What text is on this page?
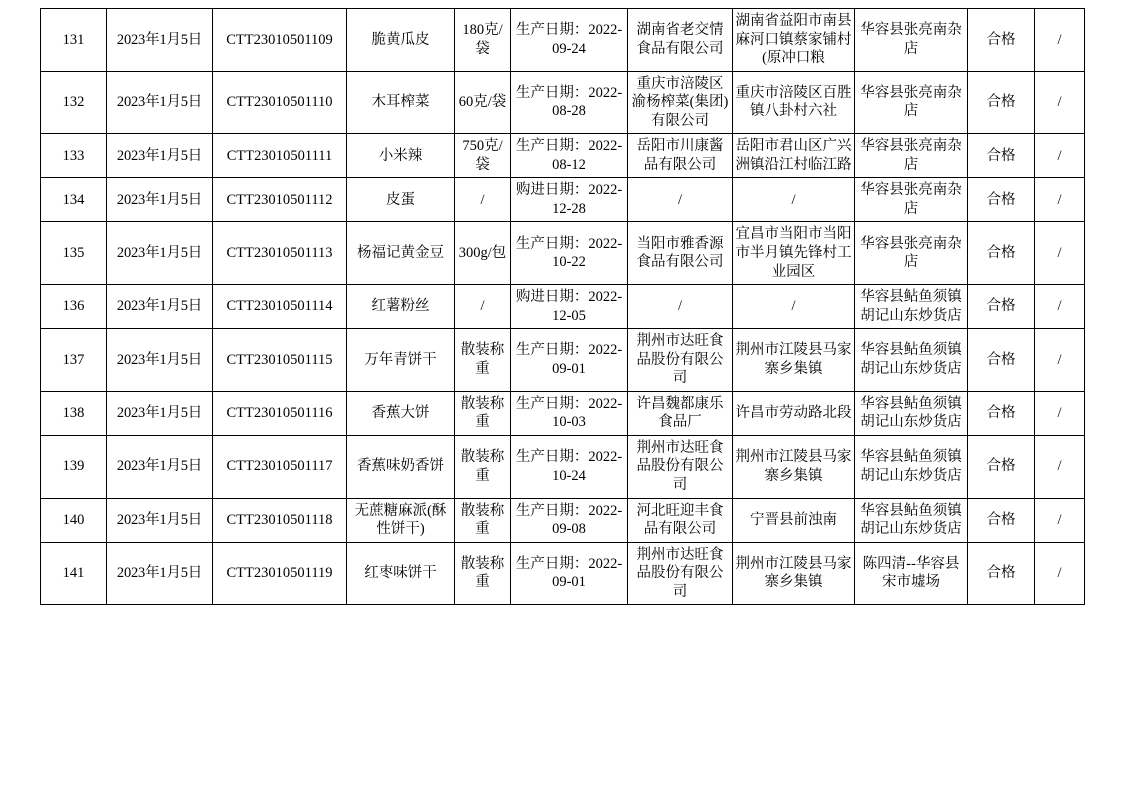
131	2023年1月5日	CTT23010501109	脆黄瓜皮	180克/袋	生产日期：2022-09-24	湖南省老交情食品有限公司	湖南省益阳市南县麻河口镇蔡家铺村(原冲口粮	华容县张亮南杂店	合格	/
132	2023年1月5日	CTT23010501110	木耳榨菜	60克/袋	生产日期：2022-08-28	重庆市涪陵区渝杨榨菜(集团)有限公司	重庆市涪陵区百胜镇八卦村六社	华容县张亮南杂店	合格	/
133	2023年1月5日	CTT23010501111	小米辣	750克/袋	生产日期：2022-08-12	岳阳市川康酱品有限公司	岳阳市君山区广兴洲镇沿江村临江路	华容县张亮南杂店	合格	/
134	2023年1月5日	CTT23010501112	皮蛋	/	购进日期：2022-12-28	/	/	华容县张亮南杂店	合格	/
135	2023年1月5日	CTT23010501113	杨福记黄金豆	300g/包	生产日期：2022-10-22	当阳市雅香源食品有限公司	宜昌市当阳市当阳市半月镇先锋村工业园区	华容县张亮南杂店	合格	/
136	2023年1月5日	CTT23010501114	红薯粉丝	/	购进日期：2022-12-05	/	/	华容县鲇鱼须镇胡记山东炒货店	合格	/
137	2023年1月5日	CTT23010501115	万年青饼干	散装称重	生产日期：2022-09-01	荆州市达旺食品股份有限公司	荆州市江陵县马家寨乡集镇	华容县鲇鱼须镇胡记山东炒货店	合格	/
138	2023年1月5日	CTT23010501116	香蕉大饼	散装称重	生产日期：2022-10-03	许昌魏都康乐食品厂	许昌市劳动路北段	华容县鲇鱼须镇胡记山东炒货店	合格	/
139	2023年1月5日	CTT23010501117	香蕉味奶香饼	散装称重	生产日期：2022-10-24	荆州市达旺食品股份有限公司	荆州市江陵县马家寨乡集镇	华容县鲇鱼须镇胡记山东炒货店	合格	/
140	2023年1月5日	CTT23010501118	无蔗糖麻派(酥性饼干)	散装称重	生产日期：2022-09-08	河北旺迎丰食品有限公司	宁晋县前浊南	华容县鲇鱼须镇胡记山东炒货店	合格	/
141	2023年1月5日	CTT23010501119	红枣味饼干	散装称重	生产日期：2022-09-01	荆州市达旺食品股份有限公司	荆州市江陵县马家寨乡集镇	陈四清--华容县宋市墟场	合格	/
